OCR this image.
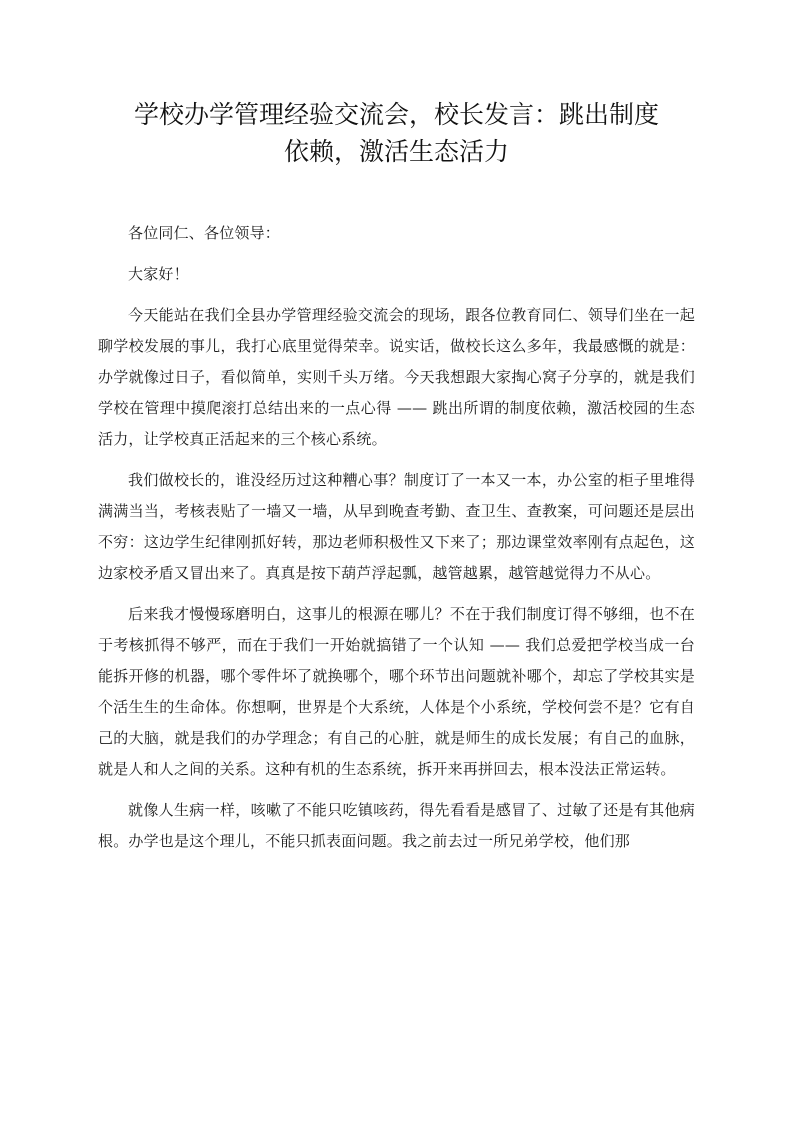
学校办学管理经验交流会，校长发言：跳出制度
依赖，激活生态活力

各位同仁、各位领导：

大家好！

今天能站在我们全县办学管理经验交流会的现场，跟各位教育同仁、领导们坐在一起聊学校发展的事儿，我打心底里觉得荣幸。说实话，做校长这么多年，我最感慨的就是：办学就像过日子，看似简单，实则千头万绪。今天我想跟大家掏心窝子分享的，就是我们学校在管理中摸爬滚打总结出来的一点心得 —— 跳出所谓的制度依赖，激活校园的生态活力，让学校真正活起来的三个核心系统。

我们做校长的，谁没经历过这种糟心事？制度订了一本又一本，办公室的柜子里堆得满满当当，考核表贴了一墙又一墙，从早到晚查考勤、查卫生、查教案，可问题还是层出不穷：这边学生纪律刚抓好转，那边老师积极性又下来了；那边课堂效率刚有点起色，这边家校矛盾又冒出来了。真真是按下葫芦浮起瓢，越管越累，越管越觉得力不从心。

后来我才慢慢琢磨明白，这事儿的根源在哪儿？不在于我们制度订得不够细，也不在于考核抓得不够严，而在于我们一开始就搞错了一个认知 —— 我们总爱把学校当成一台能拆开修的机器，哪个零件坏了就换哪个，哪个环节出问题就补哪个，却忘了学校其实是个活生生的生命体。你想啊，世界是个大系统，人体是个小系统，学校何尝不是？它有自己的大脑，就是我们的办学理念；有自己的心脏，就是师生的成长发展；有自己的血脉，就是人和人之间的关系。这种有机的生态系统，拆开来再拼回去，根本没法正常运转。

就像人生病一样，咳嗽了不能只吃镇咳药，得先看看是感冒了、过敏了还是有其他病根。办学也是这个理儿，不能只抓表面问题。我之前去过一所兄弟学校，他们那
